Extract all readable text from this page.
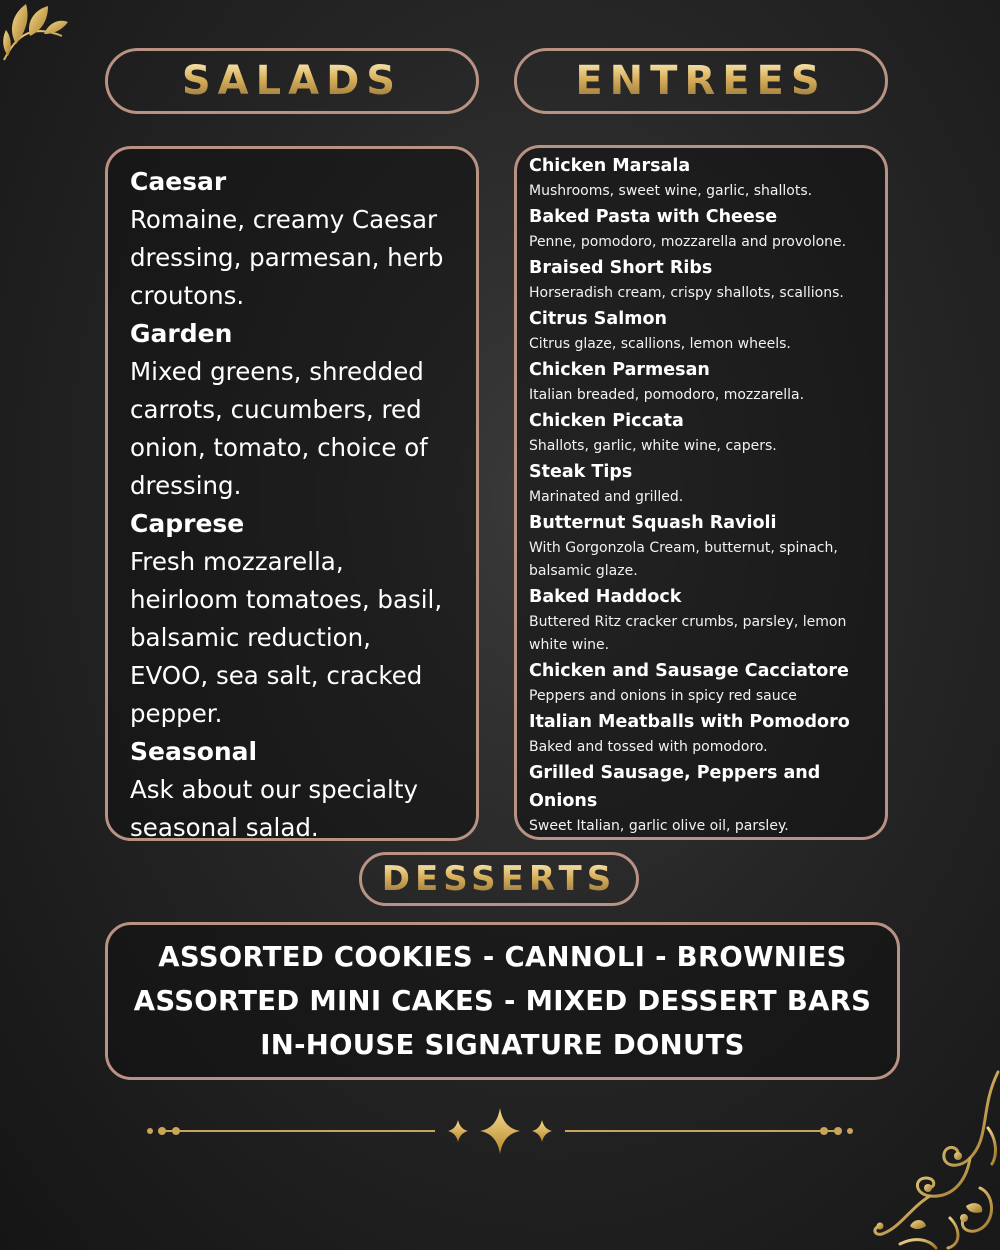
SALADS	ENTREES
Caesar
Romaine, creamy Caesar
dressing, parmesan, herb
croutons.
Garden
Mixed greens, shredded
carrots, cucumbers, red
onion, tomato, choice of
dressing.
Caprese
Fresh mozzarella,
heirloom tomatoes, basil,
balsamic reduction,
EVOO, sea salt, cracked
pepper.
Seasonal
Ask about our specialty
seasonal salad.
Chicken Marsala
Mushrooms, sweet wine, garlic, shallots.
Baked Pasta with Cheese
Penne, pomodoro, mozzarella and provolone.
Braised Short Ribs
Horseradish cream, crispy shallots, scallions.
Citrus Salmon
Citrus glaze, scallions, lemon wheels.
Chicken Parmesan
Italian breaded, pomodoro, mozzarella.
Chicken Piccata
Shallots, garlic, white wine, capers.
Steak Tips
Marinated and grilled.
Butternut Squash Ravioli
With Gorgonzola Cream, butternut, spinach,
balsamic glaze.
Baked Haddock
Buttered Ritz cracker crumbs, parsley, lemon
white wine.
Chicken and Sausage Cacciatore
Peppers and onions in spicy red sauce
Italian Meatballs with Pomodoro
Baked and tossed with pomodoro.
Grilled Sausage, Peppers and
Onions
Sweet Italian, garlic olive oil, parsley.
DESSERTS
ASSORTED COOKIES - CANNOLI - BROWNIES
ASSORTED MINI CAKES - MIXED DESSERT BARS
IN-HOUSE SIGNATURE DONUTS
